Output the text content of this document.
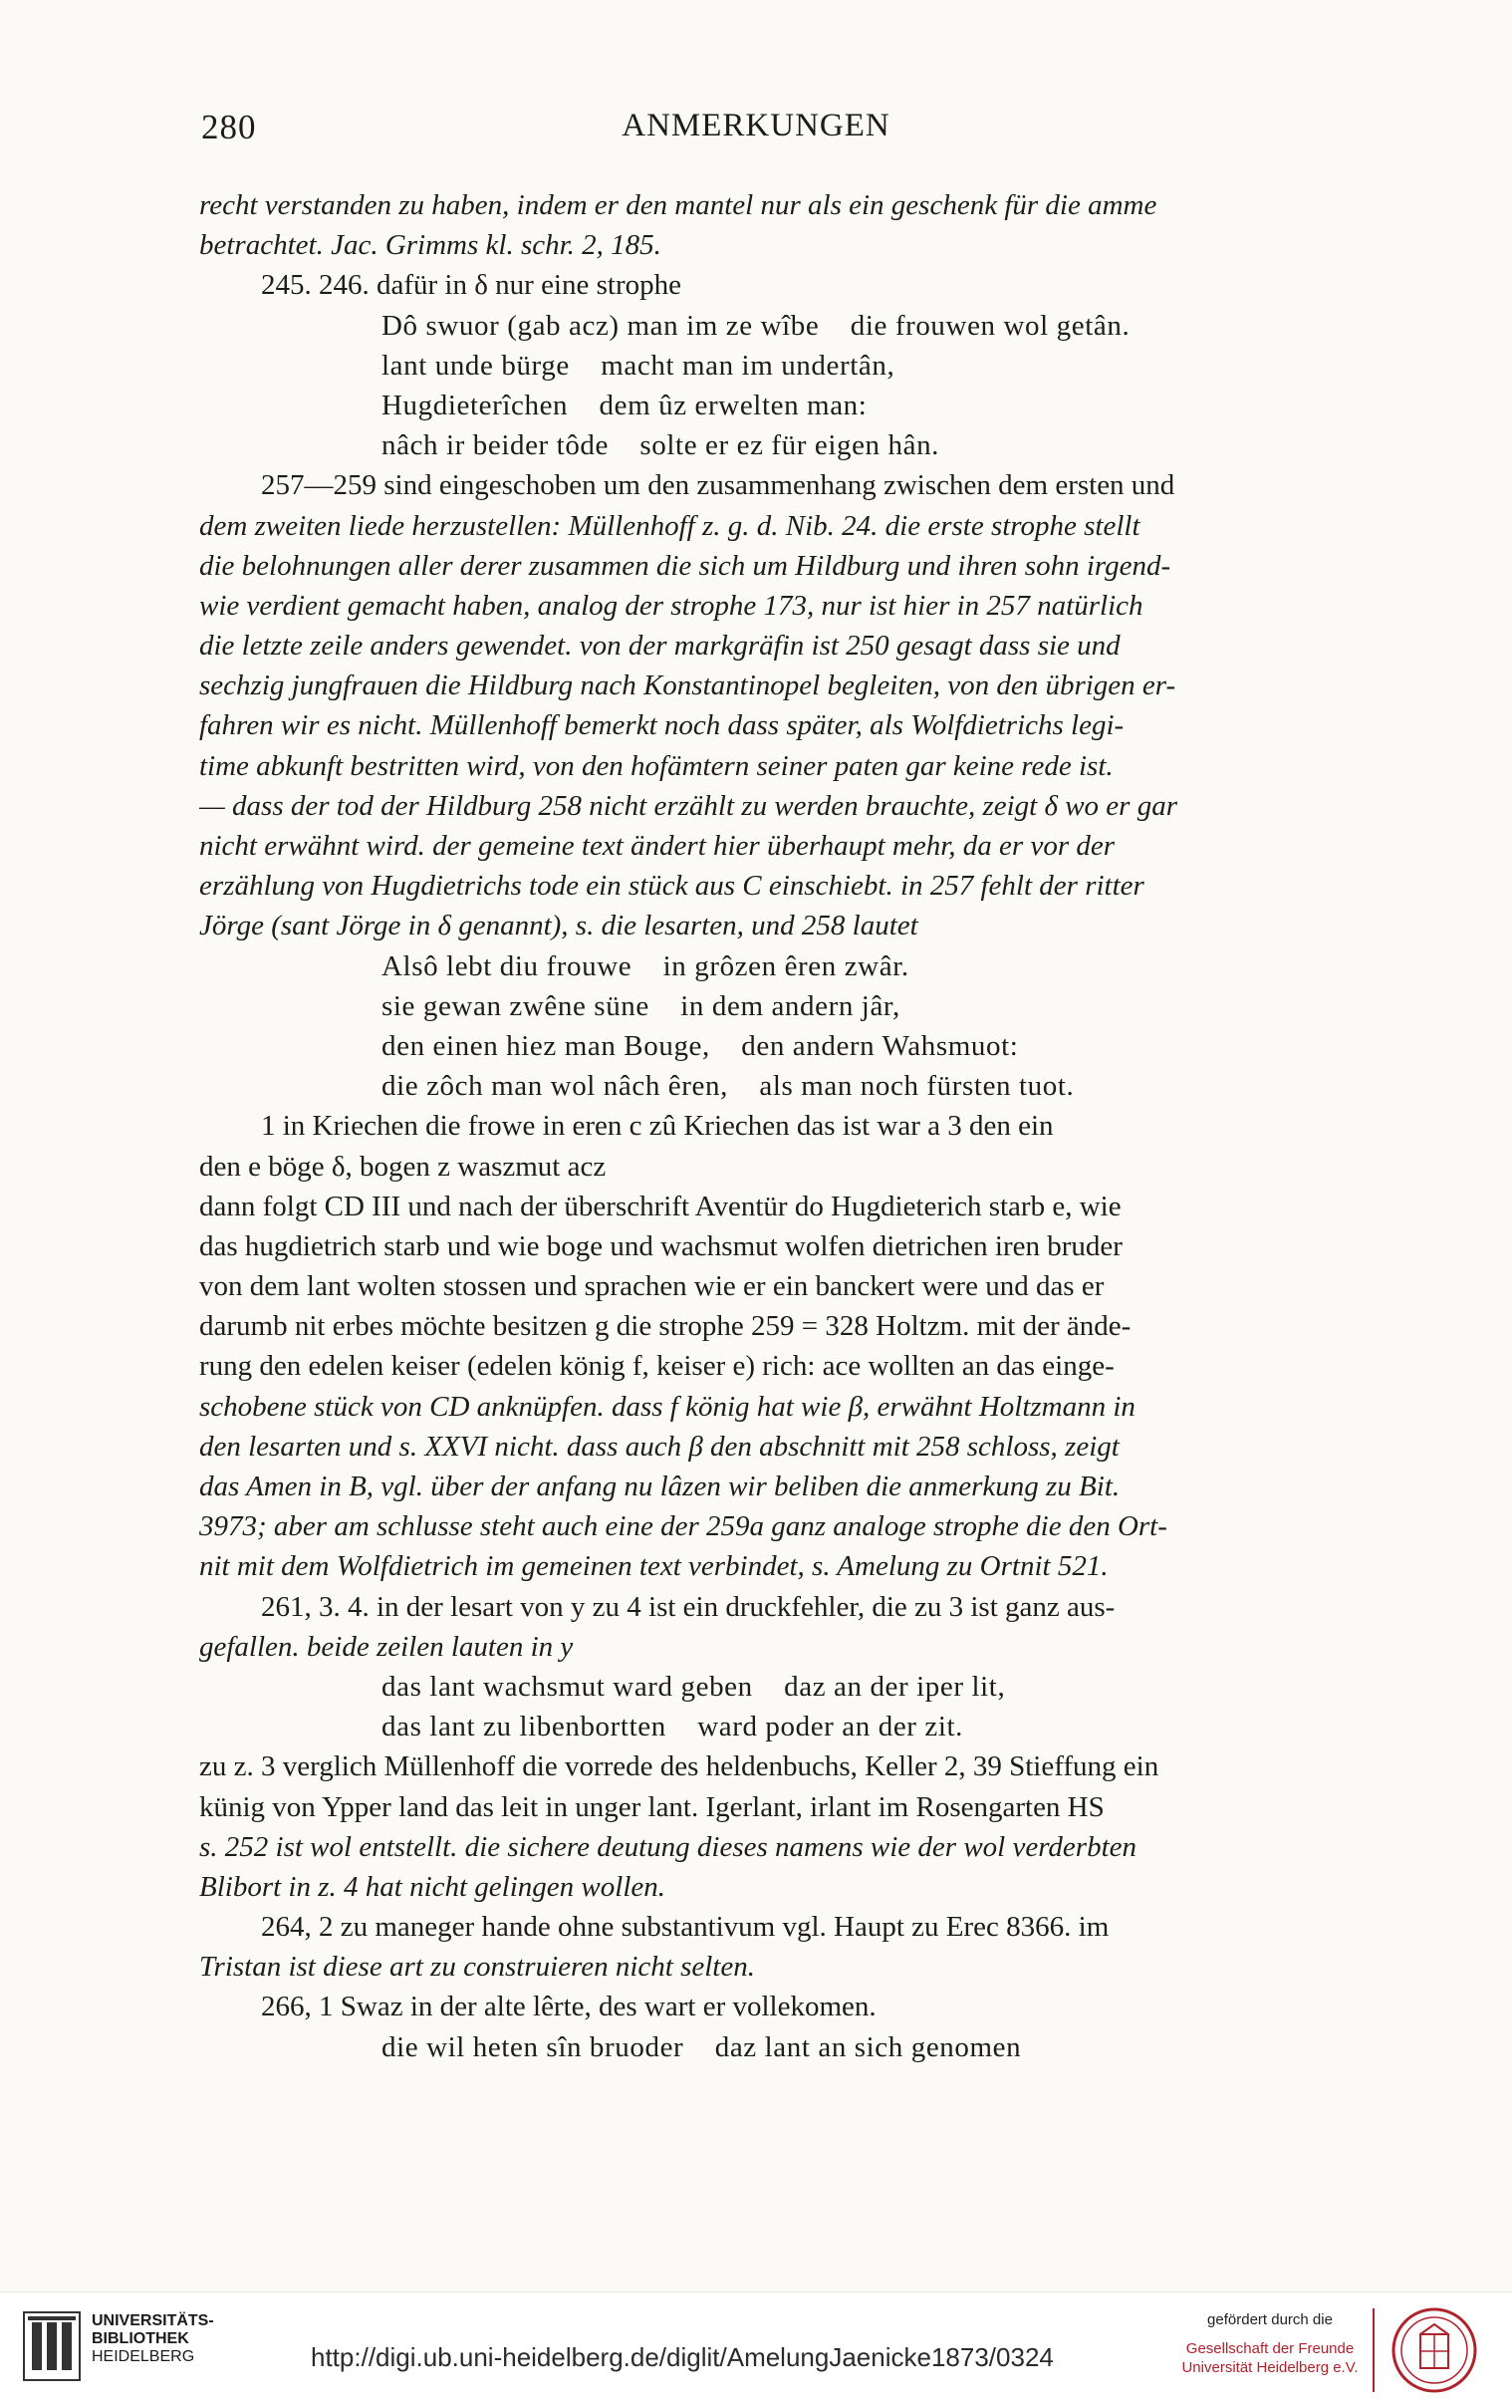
280	ANMERKUNGEN
recht verstanden zu haben, indem er den mantel nur als ein geschenk für die amme
betrachtet. Jac. Grimms kl. schr. 2, 185.
245. 246. dafür in δ nur eine strophe
Dô swuor (gab acz) man im ze wîbe    die frouwen wol getân.
lant unde bürge    macht man im undertân,
Hugdieterîchen    dem ûz erwelten man:
nâch ir beider tôde    solte er ez für eigen hân.
257—259 sind eingeschoben um den zusammenhang zwischen dem ersten und
dem zweiten liede herzustellen: Müllenhoff z. g. d. Nib. 24. die erste strophe stellt
die belohnungen aller derer zusammen die sich um Hildburg und ihren sohn irgend-
wie verdient gemacht haben, analog der strophe 173, nur ist hier in 257 natürlich
die letzte zeile anders gewendet. von der markgräfin ist 250 gesagt dass sie und
sechzig jungfrauen die Hildburg nach Konstantinopel begleiten, von den übrigen er-
fahren wir es nicht. Müllenhoff bemerkt noch dass später, als Wolfdietrichs legi-
time abkunft bestritten wird, von den hofämtern seiner paten gar keine rede ist.
— dass der tod der Hildburg 258 nicht erzählt zu werden brauchte, zeigt δ wo er gar
nicht erwähnt wird. der gemeine text ändert hier überhaupt mehr, da er vor der
erzählung von Hugdietrichs tode ein stück aus C einschiebt. in 257 fehlt der ritter
Jörge (sant Jörge in δ genannt), s. die lesarten, und 258 lautet
Alsô lebt diu frouwe    in grôzen êren zwâr.
sie gewan zwêne süne    in dem andern jâr,
den einen hiez man Bouge,    den andern Wahsmuot:
die zôch man wol nâch êren,    als man noch fürsten tuot.
1 in Kriechen die frowe in eren c zû Kriechen das ist war a 3 den ein
den e böge δ, bogen z waszmut acz
dann folgt CD III und nach der überschrift Aventür do Hugdieterich starb e, wie
das hugdietrich starb und wie boge und wachsmut wolfen dietrichen iren bruder
von dem lant wolten stossen und sprachen wie er ein banckert were und das er
darumb nit erbes möchte besitzen g die strophe 259 = 328 Holtzm. mit der ände-
rung den edelen keiser (edelen könig f, keiser e) rich: ace wollten an das einge-
schobene stück von CD anknüpfen. dass f könig hat wie β, erwähnt Holtzmann in
den lesarten und s. XXVI nicht. dass auch β den abschnitt mit 258 schloss, zeigt
das Amen in B, vgl. über der anfang nu lâzen wir beliben die anmerkung zu Bit.
3973; aber am schlusse steht auch eine der 259a ganz analoge strophe die den Ort-
nit mit dem Wolfdietrich im gemeinen text verbindet, s. Amelung zu Ortnit 521.
261, 3. 4. in der lesart von y zu 4 ist ein druckfehler, die zu 3 ist ganz aus-
gefallen. beide zeilen lauten in y
das lant wachsmut ward geben    daz an der iper lit,
das lant zu libenbortten    ward poder an der zit.
zu z. 3 verglich Müllenhoff die vorrede des heldenbuchs, Keller 2, 39 Stieffung ein
künig von Ypper land das leit in unger lant. Igerlant, irlant im Rosengarten HS
s. 252 ist wol entstellt. die sichere deutung dieses namens wie der wol verderbten
Blibort in z. 4 hat nicht gelingen wollen.
264, 2 zu maneger hande ohne substantivum vgl. Haupt zu Erec 8366. im
Tristan ist diese art zu construieren nicht selten.
266, 1 Swaz in der alte lêrte, des wart er vollekomen.
die wil heten sîn bruoder    daz lant an sich genomen
UNIVERSITÄTS-
BIBLIOTHEK
HEIDELBERG	http://digi.ub.uni-heidelberg.de/diglit/AmelungJaenicke1873/0324
gefördert durch die
Gesellschaft der Freunde
Universität Heidelberg e.V.
